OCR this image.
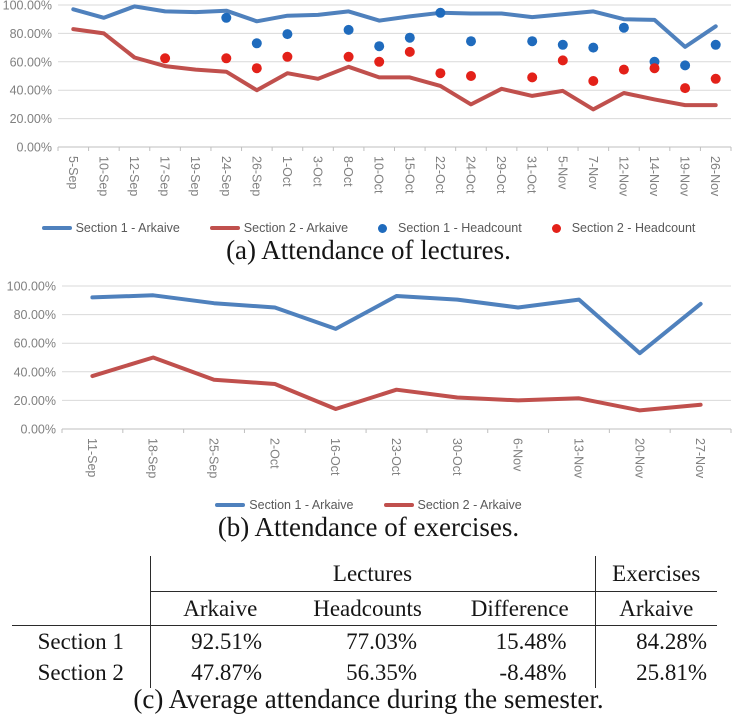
0.00%
20.00%
40.00%
60.00%
80.00%
100.00%
5-Sep 10-Sep 12-Sep 17-Sep 19-Sep 24-Sep 26-Sep 1-Oct 3-Oct 8-Oct 10-Oct 15-Oct 22-Oct 24-Oct 29-Oct 31-Oct 5-Nov 7-Nov 12-Nov 14-Nov 19-Nov 26-Nov
Section 1 - Arkaive	Section 2 - Arkaive	Section 1 - Headcount	Section 2 - Headcount
(a) Attendance of lectures.
0.00%
20.00%
40.00%
60.00%
80.00%
100.00%
11-Sep	18-Sep	25-Sep	2-Oct	16-Oct	23-Oct	30-Oct	6-Nov	13-Nov	20-Nov	27-Nov
Section 1 - Arkaive	Section 2 - Arkaive
(b) Attendance of exercises.
	Lectures			Exercises
	Arkaive	Headcounts	Difference	Arkaive
Section 1	92.51%	77.03%	15.48%	84.28%
Section 2	47.87%	56.35%	-8.48%	25.81%
(c) Average attendance during the semester.
